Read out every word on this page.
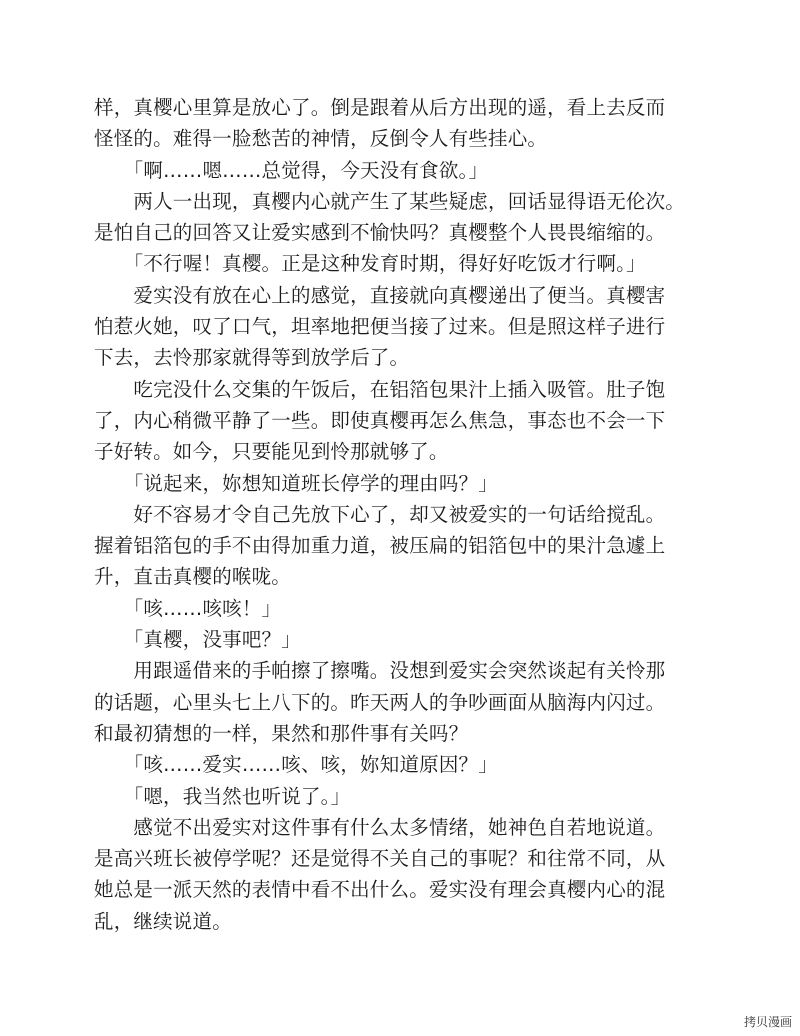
样，真樱心里算是放心了。倒是跟着从后方出现的遥，看上去反而
怪怪的。难得一脸愁苦的神情，反倒令人有些挂心。
　　「啊……嗯……总觉得，今天没有食欲。」
　　两人一出现，真樱内心就产生了某些疑虑，回话显得语无伦次。
是怕自己的回答又让爱实感到不愉快吗？真樱整个人畏畏缩缩的。
　　「不行喔！真樱。正是这种发育时期，得好好吃饭才行啊。」
　　爱实没有放在心上的感觉，直接就向真樱递出了便当。真樱害
怕惹火她，叹了口气，坦率地把便当接了过来。但是照这样子进行
下去，去怜那家就得等到放学后了。
　　吃完没什么交集的午饭后，在铝箔包果汁上插入吸管。肚子饱
了，内心稍微平静了一些。即使真樱再怎么焦急，事态也不会一下
子好转。如今，只要能见到怜那就够了。
　　「说起来，妳想知道班长停学的理由吗？」
　　好不容易才令自己先放下心了，却又被爱实的一句话给搅乱。
握着铝箔包的手不由得加重力道，被压扁的铝箔包中的果汁急遽上
升，直击真樱的喉咙。
　　「咳……咳咳！」
　　「真樱，没事吧？」
　　用跟遥借来的手帕擦了擦嘴。没想到爱实会突然谈起有关怜那
的话题，心里头七上八下的。昨天两人的争吵画面从脑海内闪过。
和最初猜想的一样，果然和那件事有关吗？
　　「咳……爱实……咳、咳，妳知道原因？」
　　「嗯，我当然也听说了。」
　　感觉不出爱实对这件事有什么太多情绪，她神色自若地说道。
是高兴班长被停学呢？还是觉得不关自己的事呢？和往常不同，从
她总是一派天然的表情中看不出什么。爱实没有理会真樱内心的混
乱，继续说道。
拷贝漫画
